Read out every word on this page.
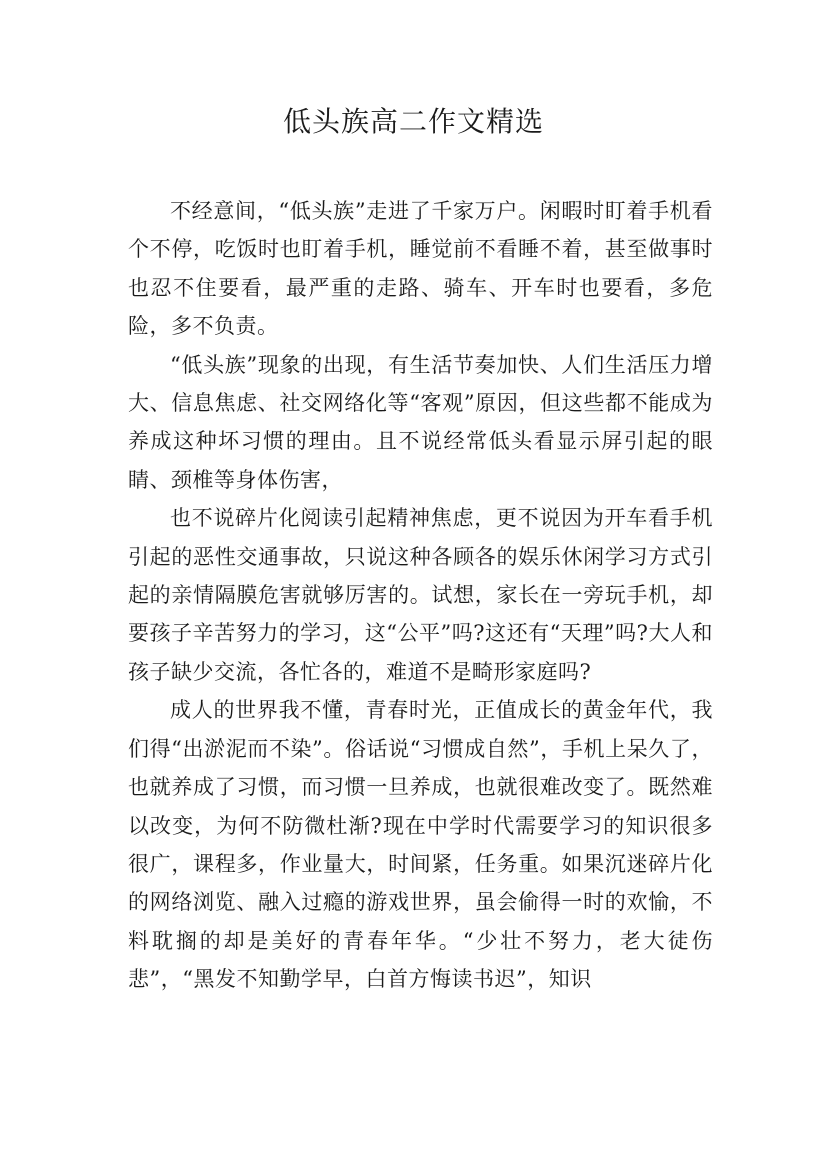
低头族高二作文精选

不经意间，“低头族”走进了千家万户。闲暇时盯着手机看个不停，吃饭时也盯着手机，睡觉前不看睡不着，甚至做事时也忍不住要看，最严重的走路、骑车、开车时也要看，多危险，多不负责。

“低头族”现象的出现，有生活节奏加快、人们生活压力增大、信息焦虑、社交网络化等“客观”原因，但这些都不能成为养成这种坏习惯的理由。且不说经常低头看显示屏引起的眼睛、颈椎等身体伤害，

也不说碎片化阅读引起精神焦虑，更不说因为开车看手机引起的恶性交通事故，只说这种各顾各的娱乐休闲学习方式引起的亲情隔膜危害就够厉害的。试想，家长在一旁玩手机，却要孩子辛苦努力的学习，这“公平”吗?这还有“天理”吗?大人和孩子缺少交流，各忙各的，难道不是畸形家庭吗?

成人的世界我不懂，青春时光，正值成长的黄金年代，我们得“出淤泥而不染”。俗话说“习惯成自然”，手机上呆久了，也就养成了习惯，而习惯一旦养成，也就很难改变了。既然难以改变，为何不防微杜渐?现在中学时代需要学习的知识很多很广，课程多，作业量大，时间紧，任务重。如果沉迷碎片化的网络浏览、融入过瘾的游戏世界，虽会偷得一时的欢愉，不料耽搁的却是美好的青春年华。“少壮不努力，老大徒伤悲”，“黑发不知勤学早，白首方悔读书迟”，知识
